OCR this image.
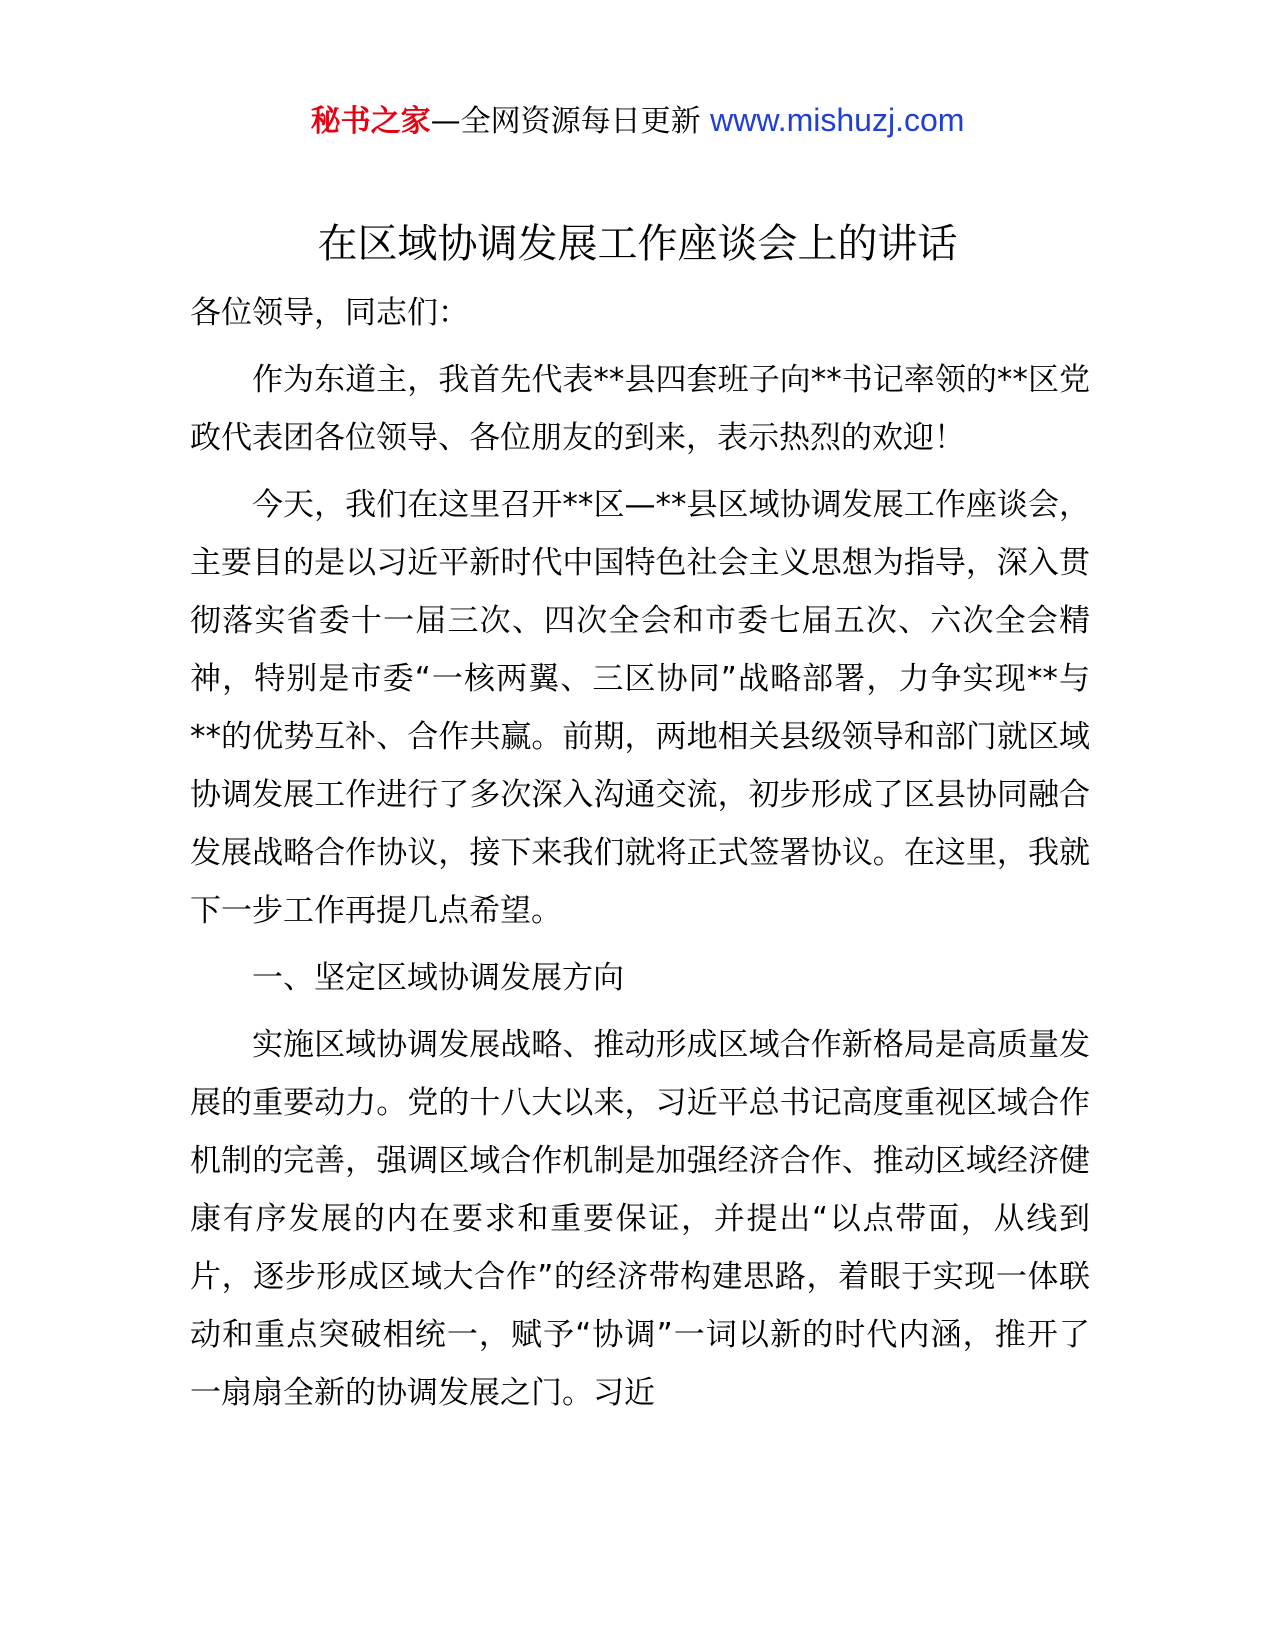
秘书之家—全网资源每日更新 www.mishuzj.com
在区域协调发展工作座谈会上的讲话

各位领导，同志们：

作为东道主，我首先代表**县四套班子向**书记率领的**区党政代表团各位领导、各位朋友的到来，表示热烈的欢迎！

今天，我们在这里召开**区—**县区域协调发展工作座谈会，主要目的是以习近平新时代中国特色社会主义思想为指导，深入贯彻落实省委十一届三次、四次全会和市委七届五次、六次全会精神，特别是市委“一核两翼、三区协同”战略部署，力争实现**与**的优势互补、合作共赢。前期，两地相关县级领导和部门就区域协调发展工作进行了多次深入沟通交流，初步形成了区县协同融合发展战略合作协议，接下来我们就将正式签署协议。在这里，我就下一步工作再提几点希望。

一、坚定区域协调发展方向

实施区域协调发展战略、推动形成区域合作新格局是高质量发展的重要动力。党的十八大以来，习近平总书记高度重视区域合作机制的完善，强调区域合作机制是加强经济合作、推动区域经济健康有序发展的内在要求和重要保证，并提出“以点带面，从线到片，逐步形成区域大合作”的经济带构建思路，着眼于实现一体联动和重点突破相统一，赋予“协调”一词以新的时代内涵，推开了一扇扇全新的协调发展之门。习近
